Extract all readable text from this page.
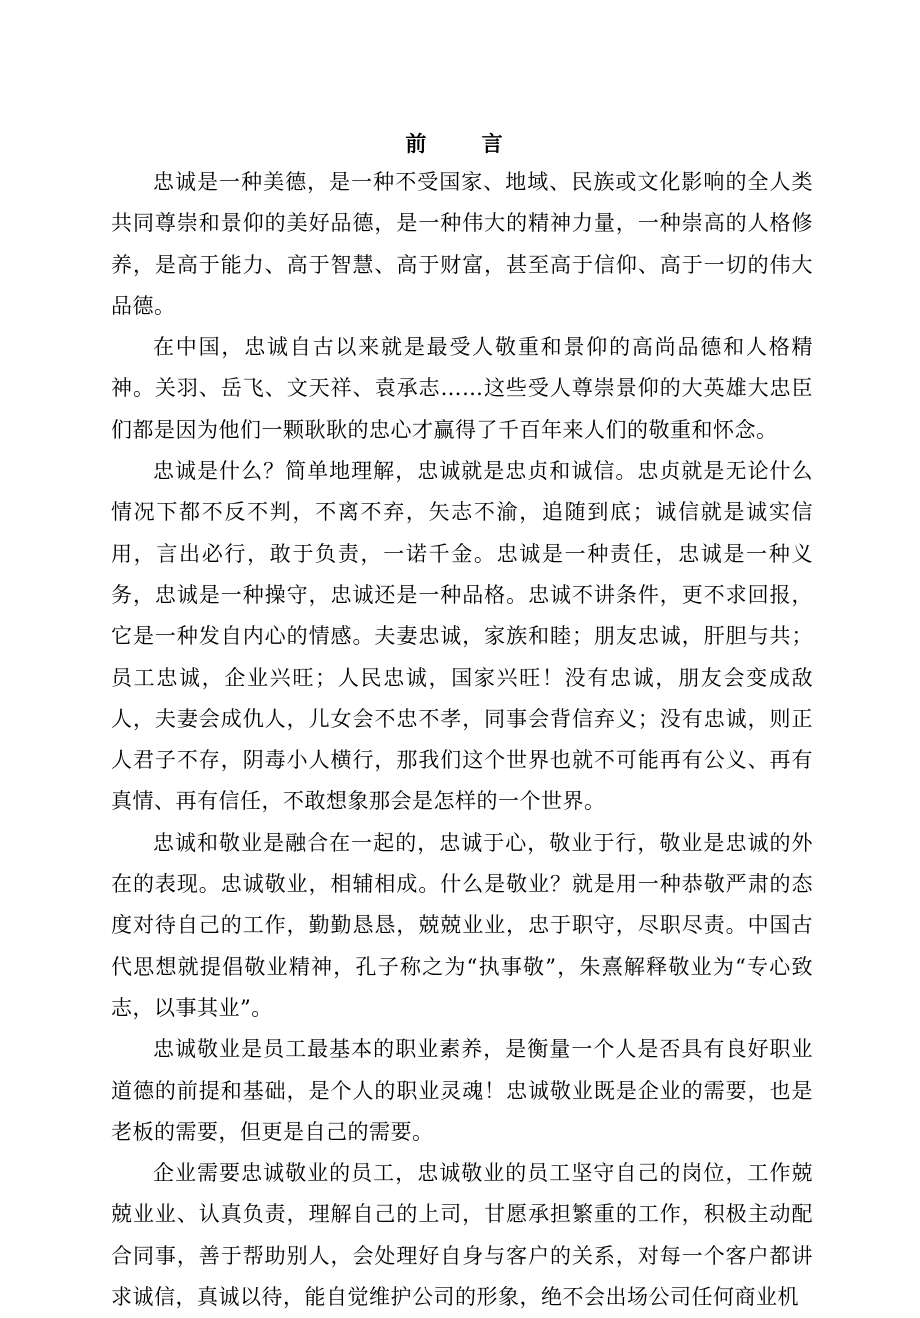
前 言

忠诚是一种美德，是一种不受国家、地域、民族或文化影响的全人类共同尊崇和景仰的美好品德，是一种伟大的精神力量，一种崇高的人格修养，是高于能力、高于智慧、高于财富，甚至高于信仰、高于一切的伟大品德。

在中国，忠诚自古以来就是最受人敬重和景仰的高尚品德和人格精神。关羽、岳飞、文天祥、袁承志……这些受人尊崇景仰的大英雄大忠臣们都是因为他们一颗耿耿的忠心才赢得了千百年来人们的敬重和怀念。

忠诚是什么？简单地理解，忠诚就是忠贞和诚信。忠贞就是无论什么情况下都不反不判，不离不弃，矢志不渝，追随到底；诚信就是诚实信用，言出必行，敢于负责，一诺千金。忠诚是一种责任，忠诚是一种义务，忠诚是一种操守，忠诚还是一种品格。忠诚不讲条件，更不求回报，它是一种发自内心的情感。夫妻忠诚，家族和睦；朋友忠诚，肝胆与共；员工忠诚，企业兴旺；人民忠诚，国家兴旺！没有忠诚，朋友会变成敌人，夫妻会成仇人，儿女会不忠不孝，同事会背信弃义；没有忠诚，则正人君子不存，阴毒小人横行，那我们这个世界也就不可能再有公义、再有真情、再有信任，不敢想象那会是怎样的一个世界。

忠诚和敬业是融合在一起的，忠诚于心，敬业于行，敬业是忠诚的外在的表现。忠诚敬业，相辅相成。什么是敬业？就是用一种恭敬严肃的态度对待自己的工作，勤勤恳恳，兢兢业业，忠于职守，尽职尽责。中国古代思想就提倡敬业精神，孔子称之为“执事敬”，朱熹解释敬业为“专心致志，以事其业”。

忠诚敬业是员工最基本的职业素养，是衡量一个人是否具有良好职业道德的前提和基础，是个人的职业灵魂！忠诚敬业既是企业的需要，也是老板的需要，但更是自己的需要。

企业需要忠诚敬业的员工，忠诚敬业的员工坚守自己的岗位，工作兢兢业业、认真负责，理解自己的上司，甘愿承担繁重的工作，积极主动配合同事，善于帮助别人，会处理好自身与客户的关系，对每一个客户都讲求诚信，真诚以待，能自觉维护公司的形象，绝不会出场公司任何商业机
